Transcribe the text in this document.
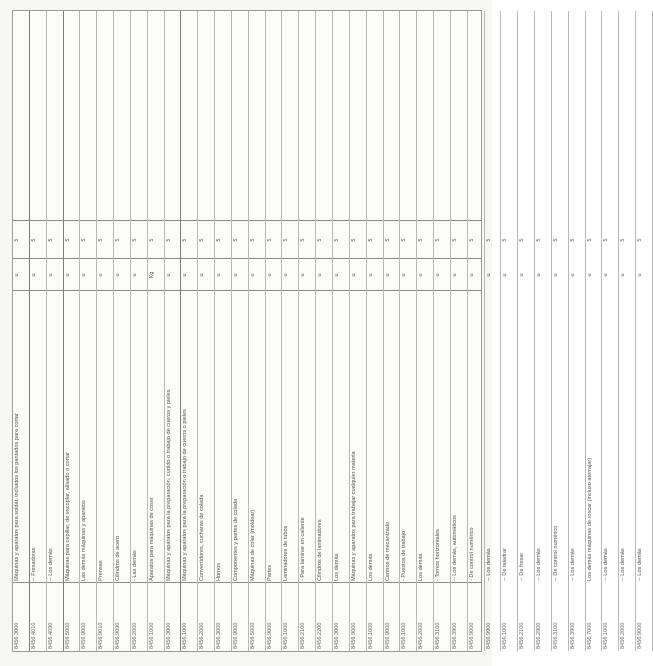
8456.3000
Máquinas y aparatos para soldar, incluidos los pantados para cortar
u
5
8456.4010
-- Fresadoras
u
5
8456.4090
-- Los demás
u
5
8456.5000
Máquinas para cepillar, de escoplar, alisado o cortar
u
5
8456.9000
Las demás máquinas y aparatos
u
5
8456.9010
Prensas
u
5
8456.9090
Cilindros de acero
u
5
8456.2000
- Las demás
u
5
8456.1000
Aparatos para máquinas de coser
Kg
5
8456.3000
Máquinas y aparatos para la preparación, curtido o trabajo de cueros y pieles
u
5
8456.1000
Máquinas y aparatos para la preparación o trabajo de cueros o pieles
u
5
8456.2000
Convertidores, cucharas de colada
u
5
8456.3000
Hornos
u
5
8456.9000
Componentes y partes de colada
u
5
8456.5000
Máquinas de colar (moldear)
u
5
8456.9000
Partes
u
5
8456.1000
Laminadores de tubos
u
5
8456.2100
- Para laminar en caliente
u
5
8456.2200
Cilindros de laminadores
u
5
8456.3000
Los demás
u
5
8456.9000
Máquinas y aparatos para trabajar cualquier materia
u
5
8456.1000
Los demás
u
5
8456.9000
Centros de mecanizado
u
5
8456.1000
- Puestos de trabajo
u
5
8456.2000
Los demás
u
5
8456.3100
- Tornos horizontales
u
5
8456.3900
-- Los demás, automáticos
u
5
8456.9000
- De control numérico
u
5
8456.9900
-- Los demás
u
5
8456.1000
-- De taladrar
u
5
8456.2100
-- De fresar
u
5
8456.2900
-- Los demás
u
5
8456.3100
-- De control numérico
u
5
8456.3900
-- Los demás
u
5
8456.7000
Los demás máquinas de roscar (incluso aterrajar)
u
5
8456.1000
-- Los demás
u
5
8456.2000
-- Los demás
u
5
8456.9000
-- Los demás
u
5
